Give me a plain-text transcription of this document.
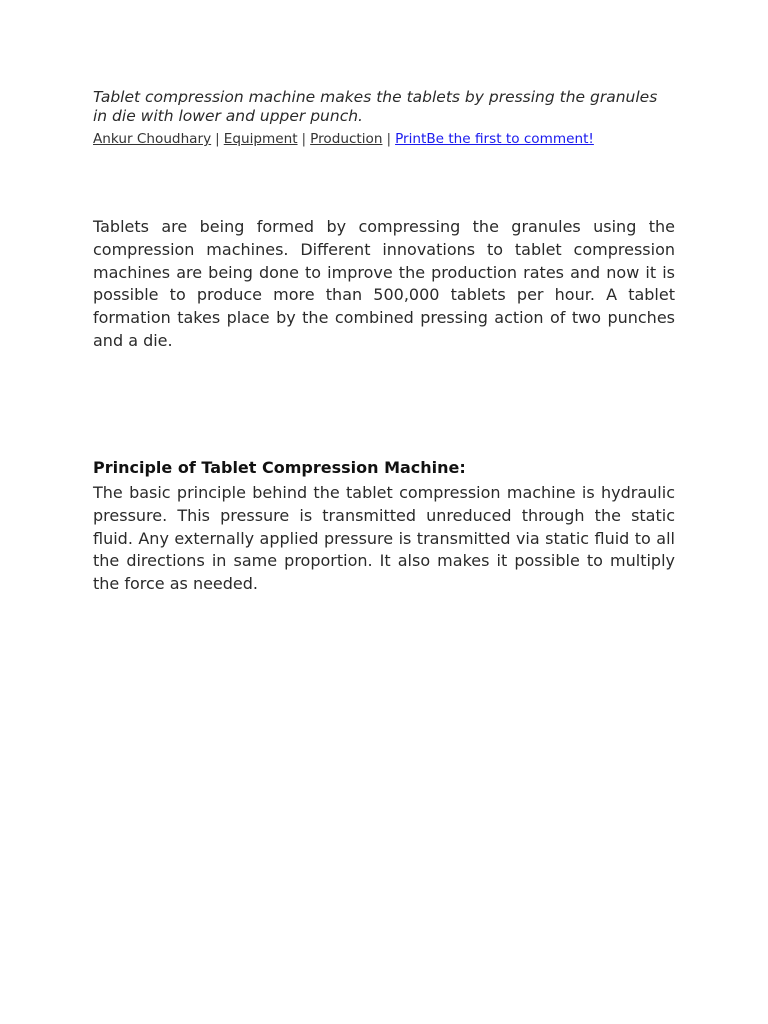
Tablet compression machine makes the tablets by pressing the granules in die with lower and upper punch.

Ankur Choudhary | Equipment | Production | PrintBe the first to comment!

Tablets are being formed by compressing the granules using the compression machines. Different innovations to tablet compression machines are being done to improve the production rates and now it is possible to produce more than 500,000 tablets per hour. A tablet formation takes place by the combined pressing action of two punches and a die.

Principle of Tablet Compression Machine:

The basic principle behind the tablet compression machine is hydraulic pressure. This pressure is transmitted unreduced through the static fluid. Any externally applied pressure is transmitted via static fluid to all the directions in same proportion. It also makes it possible to multiply the force as needed.
